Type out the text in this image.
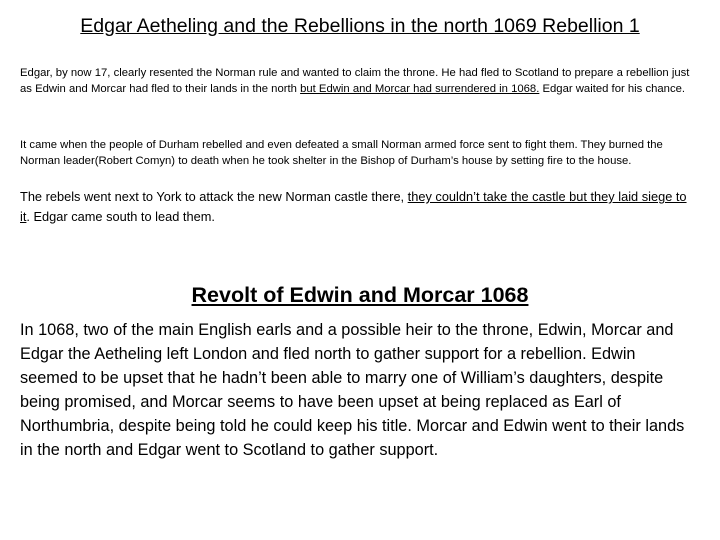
Edgar Aetheling and the Rebellions in the north 1069 Rebellion 1

Edgar, by now 17, clearly resented the Norman rule and wanted to claim the throne. He had fled to Scotland to prepare a rebellion just as Edwin and Morcar had fled to their lands in the north but Edwin and Morcar had surrendered in 1068. Edgar waited for his chance.

It came when the people of Durham rebelled and even defeated a small Norman armed force sent to fight them. They burned the Norman leader(Robert Comyn) to death when he took shelter in the Bishop of Durham’s house by setting fire to the house.

The rebels went next to York to attack the new Norman castle there, they couldn’t take the castle but they laid siege to it. Edgar came south to lead them.

Revolt of Edwin and Morcar 1068

In 1068, two of the main English earls and a possible heir to the throne, Edwin, Morcar and Edgar the Aetheling left London and fled north to gather support for a rebellion. Edwin seemed to be upset that he hadn’t been able to marry one of William’s daughters, despite being promised, and Morcar seems to have been upset at being replaced as Earl of Northumbria, despite being told he could keep his title. Morcar and Edwin went to their lands in the north and Edgar went to Scotland to gather support.
